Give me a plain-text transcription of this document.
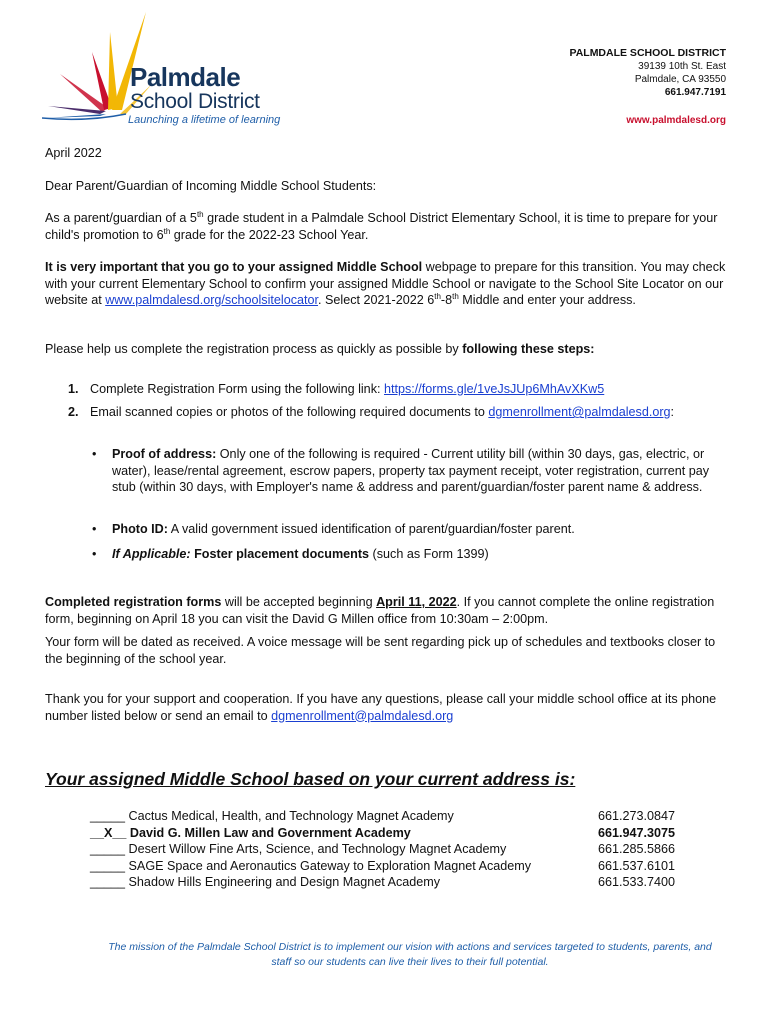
Palmdale
School District
Launching a lifetime of learning
PALMDALE SCHOOL DISTRICT
39139 10th St. East
Palmdale, CA 93550
661.947.7191
www.palmdalesd.org
April 2022
Dear Parent/Guardian of Incoming Middle School Students:
As a parent/guardian of a 5th grade student in a Palmdale School District Elementary School, it is time to prepare for your child's promotion to 6th grade for the 2022-23 School Year.
It is very important that you go to your assigned Middle School webpage to prepare for this transition. You may check with your current Elementary School to confirm your assigned Middle School or navigate to the School Site Locator on our website at www.palmdalesd.org/schoolsitelocator. Select 2021-2022 6th-8th Middle and enter your address.
Please help us complete the registration process as quickly as possible by following these steps:
1. Complete Registration Form using the following link: https://forms.gle/1veJsJUp6MhAvXKw5
2. Email scanned copies or photos of the following required documents to dgmenrollment@palmdalesd.org:
• Proof of address: Only one of the following is required - Current utility bill (within 30 days, gas, electric, or water), lease/rental agreement, escrow papers, property tax payment receipt, voter registration, current pay stub (within 30 days, with Employer's name & address and parent/guardian/foster parent name & address.
• Photo ID: A valid government issued identification of parent/guardian/foster parent.
• If Applicable: Foster placement documents (such as Form 1399)
Completed registration forms will be accepted beginning April 11, 2022. If you cannot complete the online registration form, beginning on April 18 you can visit the David G Millen office from 10:30am – 2:00pm.
Your form will be dated as received. A voice message will be sent regarding pick up of schedules and textbooks closer to the beginning of the school year.
Thank you for your support and cooperation. If you have any questions, please call your middle school office at its phone number listed below or send an email to dgmenrollment@palmdalesd.org
Your assigned Middle School based on your current address is:
_____ Cactus Medical, Health, and Technology Magnet Academy	661.273.0847
__X__ David G. Millen Law and Government Academy	661.947.3075
_____ Desert Willow Fine Arts, Science, and Technology Magnet Academy	661.285.5866
_____ SAGE Space and Aeronautics Gateway to Exploration Magnet Academy	661.537.6101
_____ Shadow Hills Engineering and Design Magnet Academy	661.533.7400
The mission of the Palmdale School District is to implement our vision with actions and services targeted to students, parents, and staff so our students can live their lives to their full potential.
